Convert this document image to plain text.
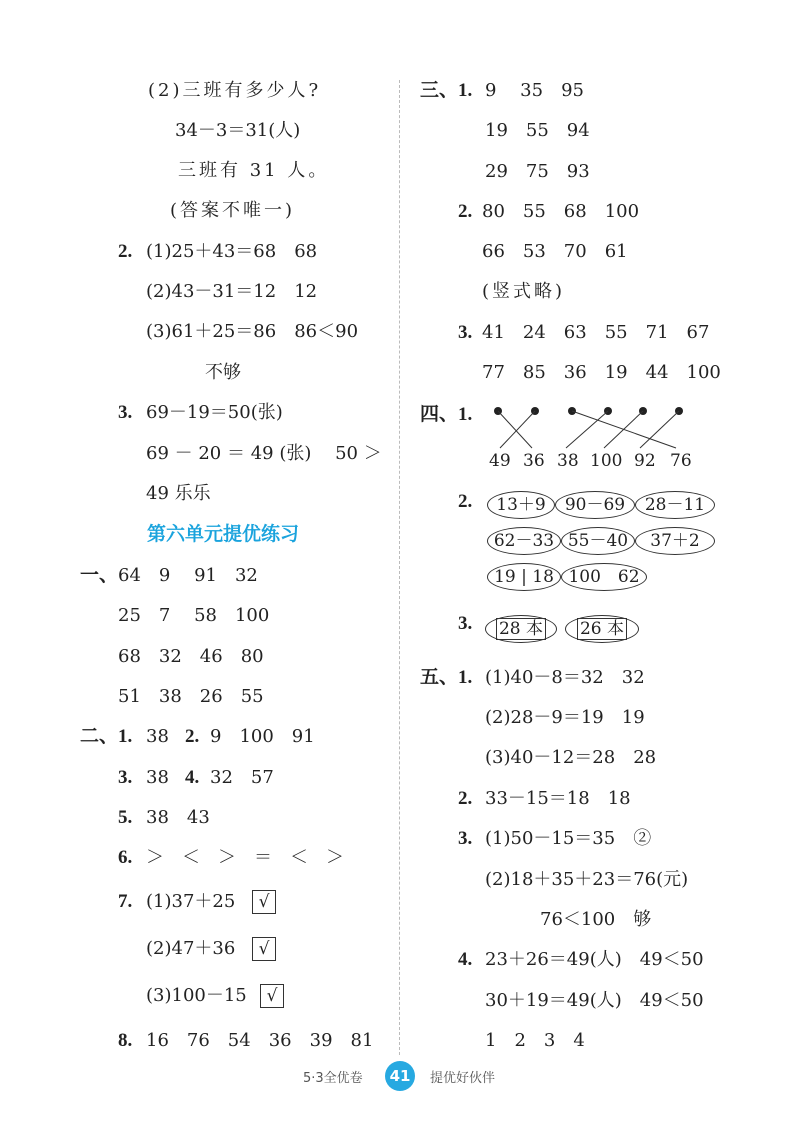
(2)三班有多少人?
34－3＝31(人)
三班有 31 人。
(答案不唯一)
2. (1)25＋43＝68　68
(2)43－31＝12　12
(3)61＋25＝86　86＜90
不够
3. 69－19＝50(张)
69 － 20 ＝ 49 (张)　 50 ＞
49 乐乐
第六单元提优练习
一、 64　9　 91　32
25　7　 58　100
68　32　46　80
51　38　26　55
二、 1. 38 2. 9　100　91
3. 38 4. 32　57
5. 38　43
6. ＞　＜　＞　＝　＜　＞
7. (1)37＋25	√
(2)47＋36	√
(3)100－15	√
8. 16　76　54　36　39　81
三、 1. 9　 35　95
19　55　94
29　75　93
2. 80　55　68　100
66　53　70　61
(竖式略)
3. 41　24　63　55　71　67
77　85　36　19　44　100
四、 1.
49 36 38 100 92 76
2.	13＋9	90－69	28－11
62－33 55－40	37＋2
19 | 18 100　62
3.	28 本	26 本
五、 1. (1)40－8＝32　32
(2)28－9＝19　19
(3)40－12＝28　28
2. 33－15＝18　18
3. (1)50－15＝35　②
(2)18＋35＋23＝76(元)
76＜100　够
4. 23＋26＝49(人)　49＜50
30＋19＝49(人)　49＜50
1　2　3　4
5·3全优卷	41	提优好伙伴
